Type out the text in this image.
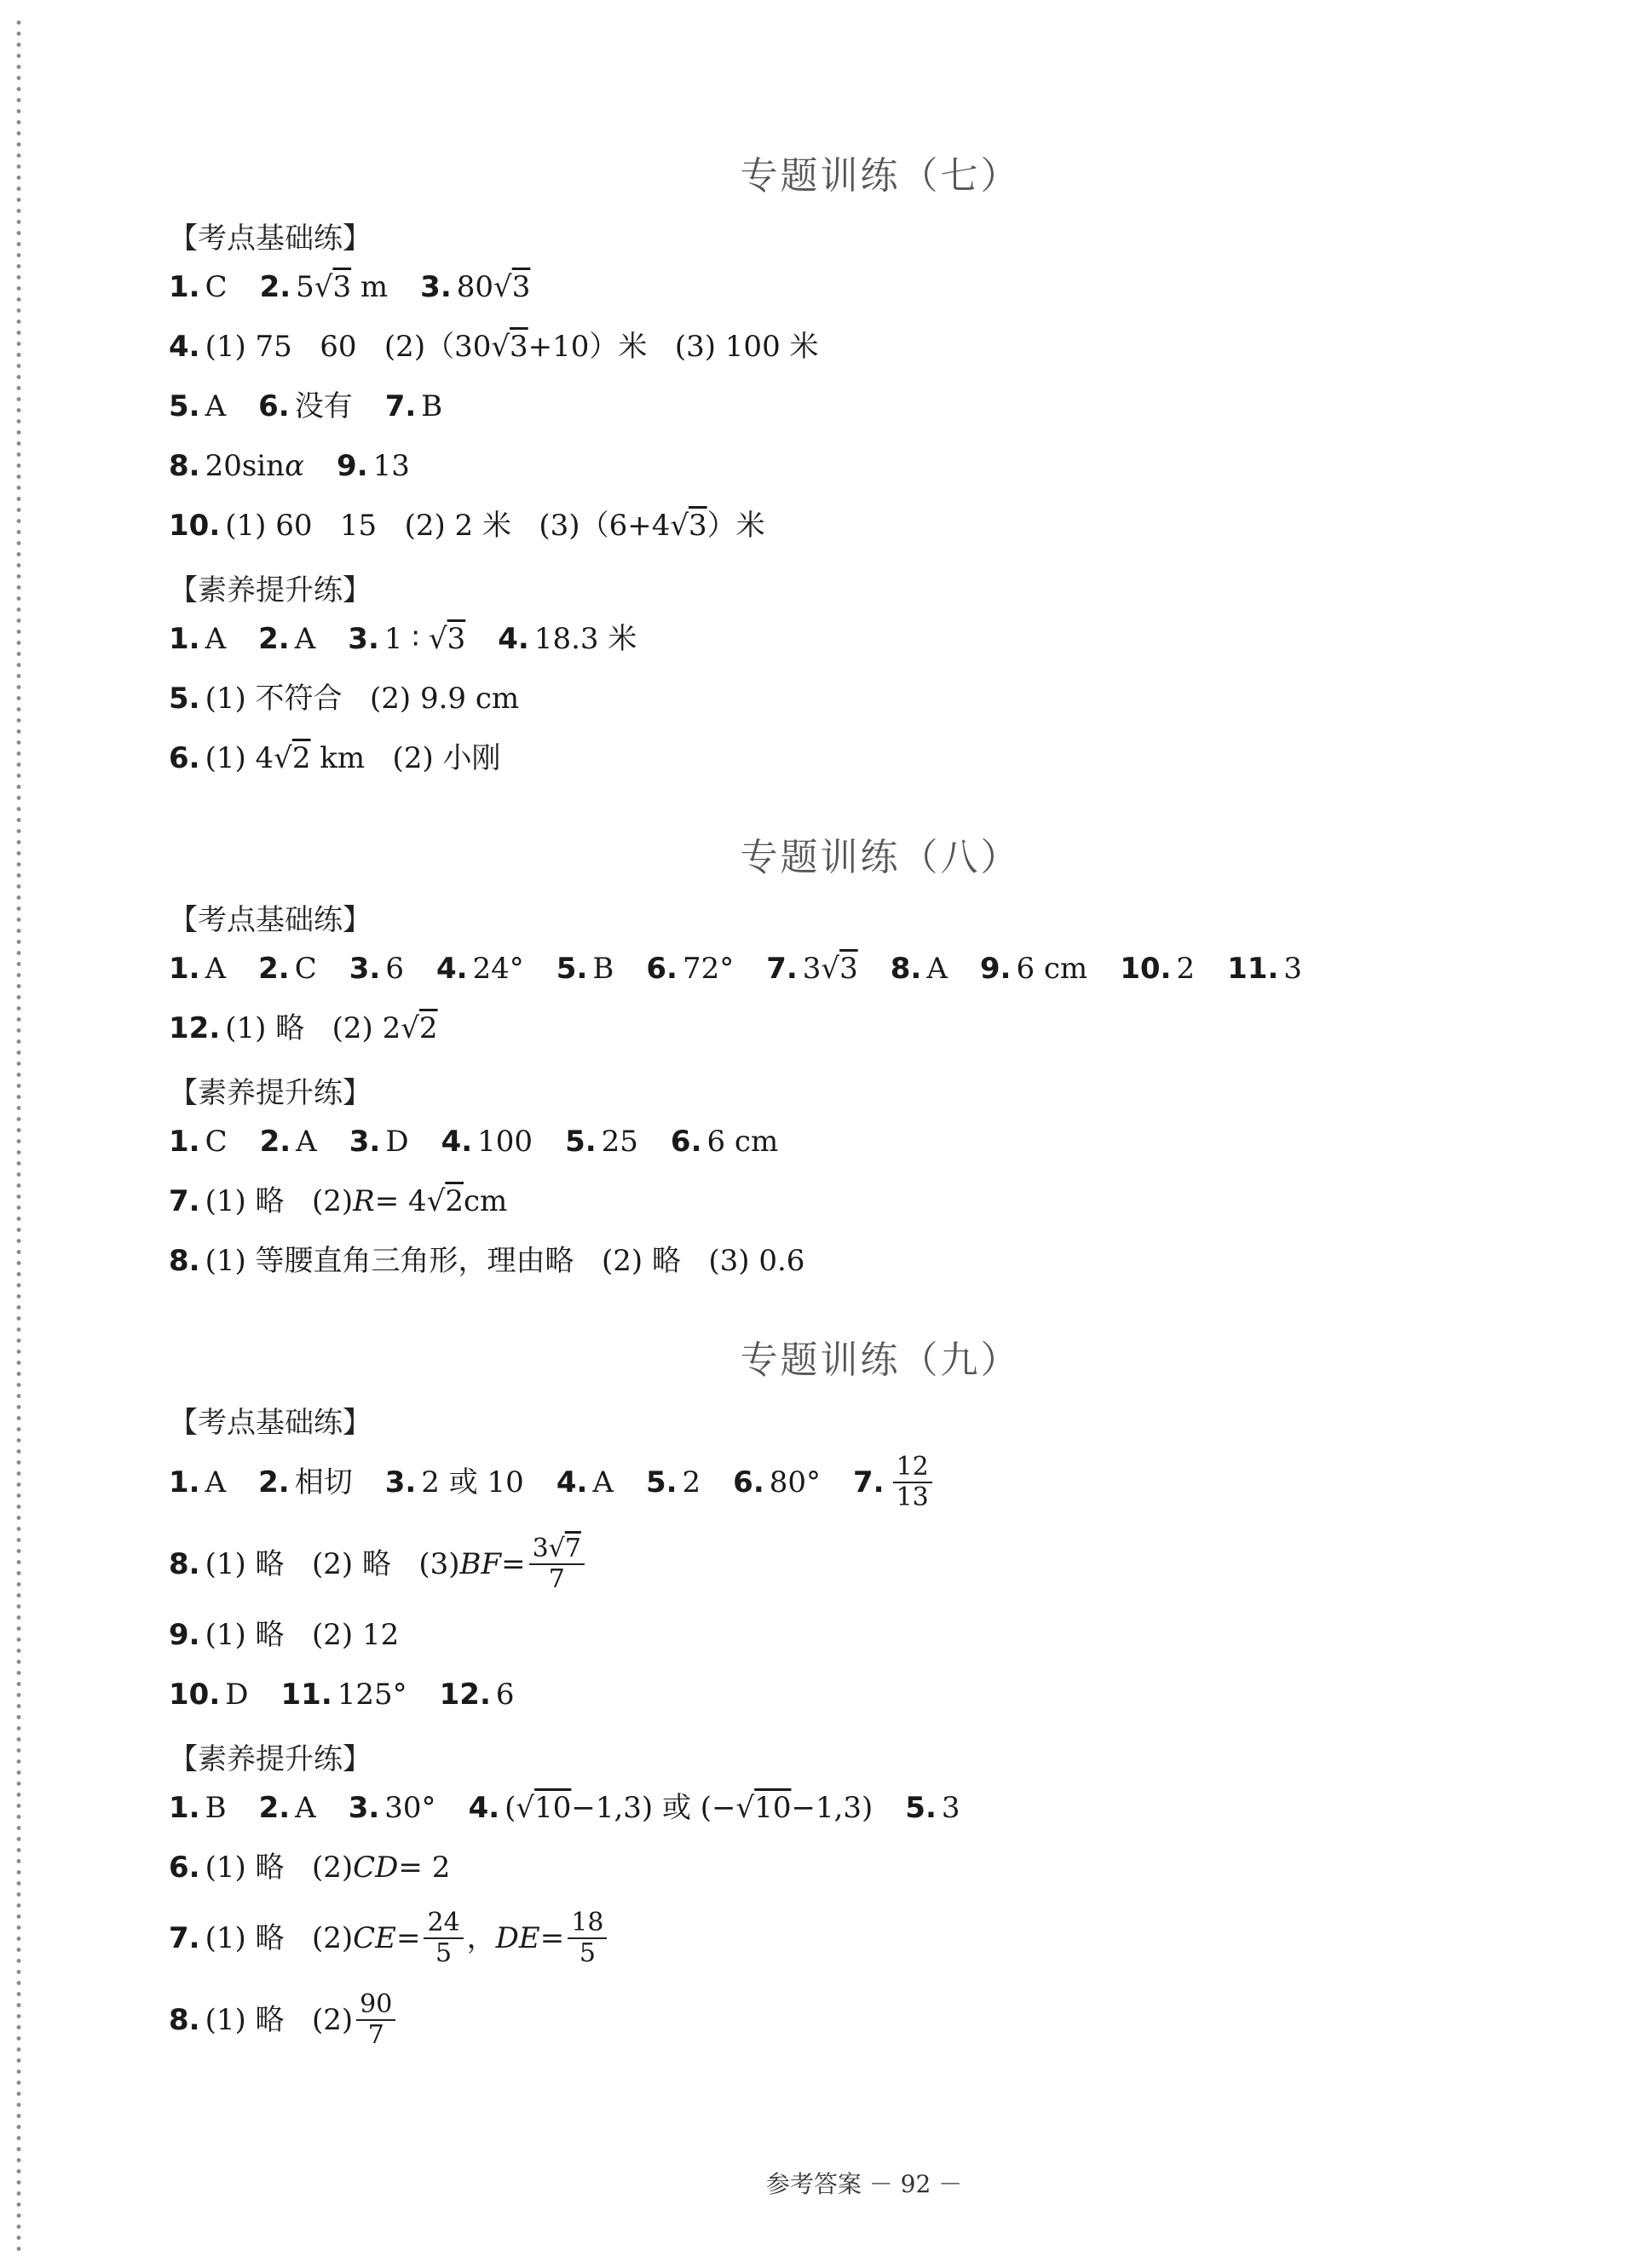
专题训练（七）
【考点基础练】
1. C 2. 5√ 3 m 3. 80√ 3
4. (1) 75   60   (2)（30√ 3 +10）米   (3) 100 米
5. A 6. 没有 7. B
8. 20sin α 9. 13
10. (1) 60   15   (2) 2 米   (3)（6+4√ 3 ）米
【素养提升练】
1. A 2. A 3. 1 ∶ √ 3 4. 18.3 米
5. (1) 不符合   (2) 9.9 cm
6. (1) 4√ 2 km   (2) 小刚
专题训练（八）
【考点基础练】
1. A 2. C 3. 6 4. 24° 5. B 6. 72° 7. 3√ 3 8. A 9. 6 cm 10. 2 11. 3
12. (1) 略   (2) 2√ 2
【素养提升练】
1. C 2. A 3. D 4. 100 5. 25 6. 6 cm
7. (1) 略   (2) R = 4√ 2 cm
8. (1) 等腰直角三角形，理由略   (2) 略   (3) 0.6
专题训练（九）
【考点基础练】
1. A 2. 相切 3. 2 或 10 4. A 5. 2 6. 80° 7. $\frac{12}{13}$
8. (1) 略   (2) 略   (3) BF = $\frac{3√7}{7}$
9. (1) 略   (2) 12
10. D 11. 125° 12. 6
【素养提升练】
1. B 2. A 3. 30° 4. (√ 10 −1,3) 或 (−√ 10 −1,3) 5. 3
6. (1) 略   (2) CD = 2
7. (1) 略   (2) CE = $\frac{24}{5}$ ， DE = $\frac{18}{5}$
8. (1) 略   $(2) \frac{90}{7}$
参考答案 － 92 －
